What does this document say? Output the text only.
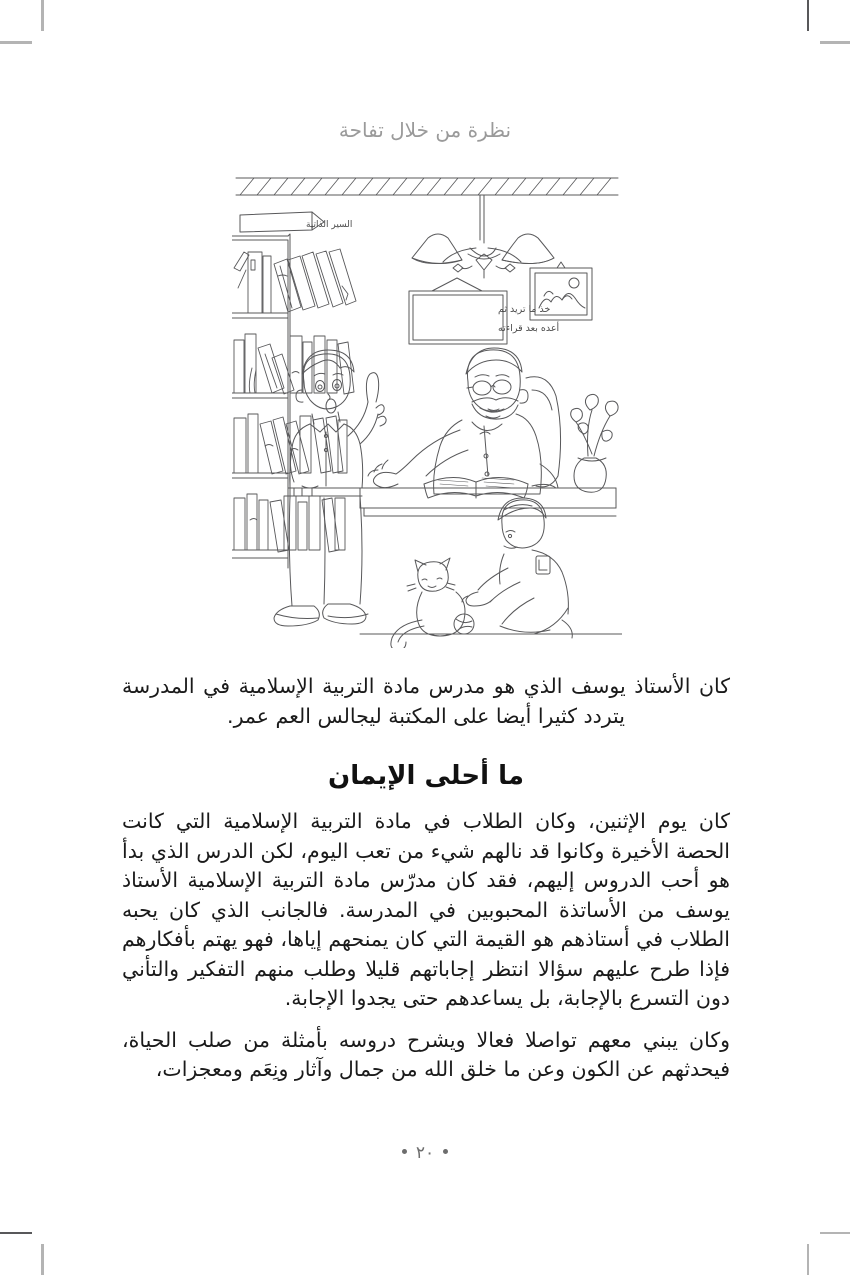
نظرة من خلال تفاحة
خذ ما تريد ثم
أعده بعد قراءته
السير الذاتية

كان الأستاذ يوسف الذي هو مدرس مادة التربية الإسلامية في المدرسة يتردد كثيرا أيضا على المكتبة ليجالس العم عمر.

ما أحلى الإيمان

كان يوم الإثنين، وكان الطلاب في مادة التربية الإسلامية التي كانت الحصة الأخيرة وكانوا قد نالهم شيء من تعب اليوم، لكن الدرس الذي بدأ هو أحب الدروس إليهم، فقد كان مدرّس مادة التربية الإسلامية الأستاذ يوسف من الأساتذة المحبوبين في المدرسة. فالجانب الذي كان يحبه الطلاب في أستاذهم هو القيمة التي كان يمنحهم إياها، فهو يهتم بأفكارهم فإذا طرح عليهم سؤالا انتظر إجاباتهم قليلا وطلب منهم التفكير والتأني دون التسرع بالإجابة، بل يساعدهم حتى يجدوا الإجابة.

وكان يبني معهم تواصلا فعالا ويشرح دروسه بأمثلة من صلب الحياة، فيحدثهم عن الكون وعن ما خلق الله من جمال وآثار ونِعَم ومعجزات،

٢٠
